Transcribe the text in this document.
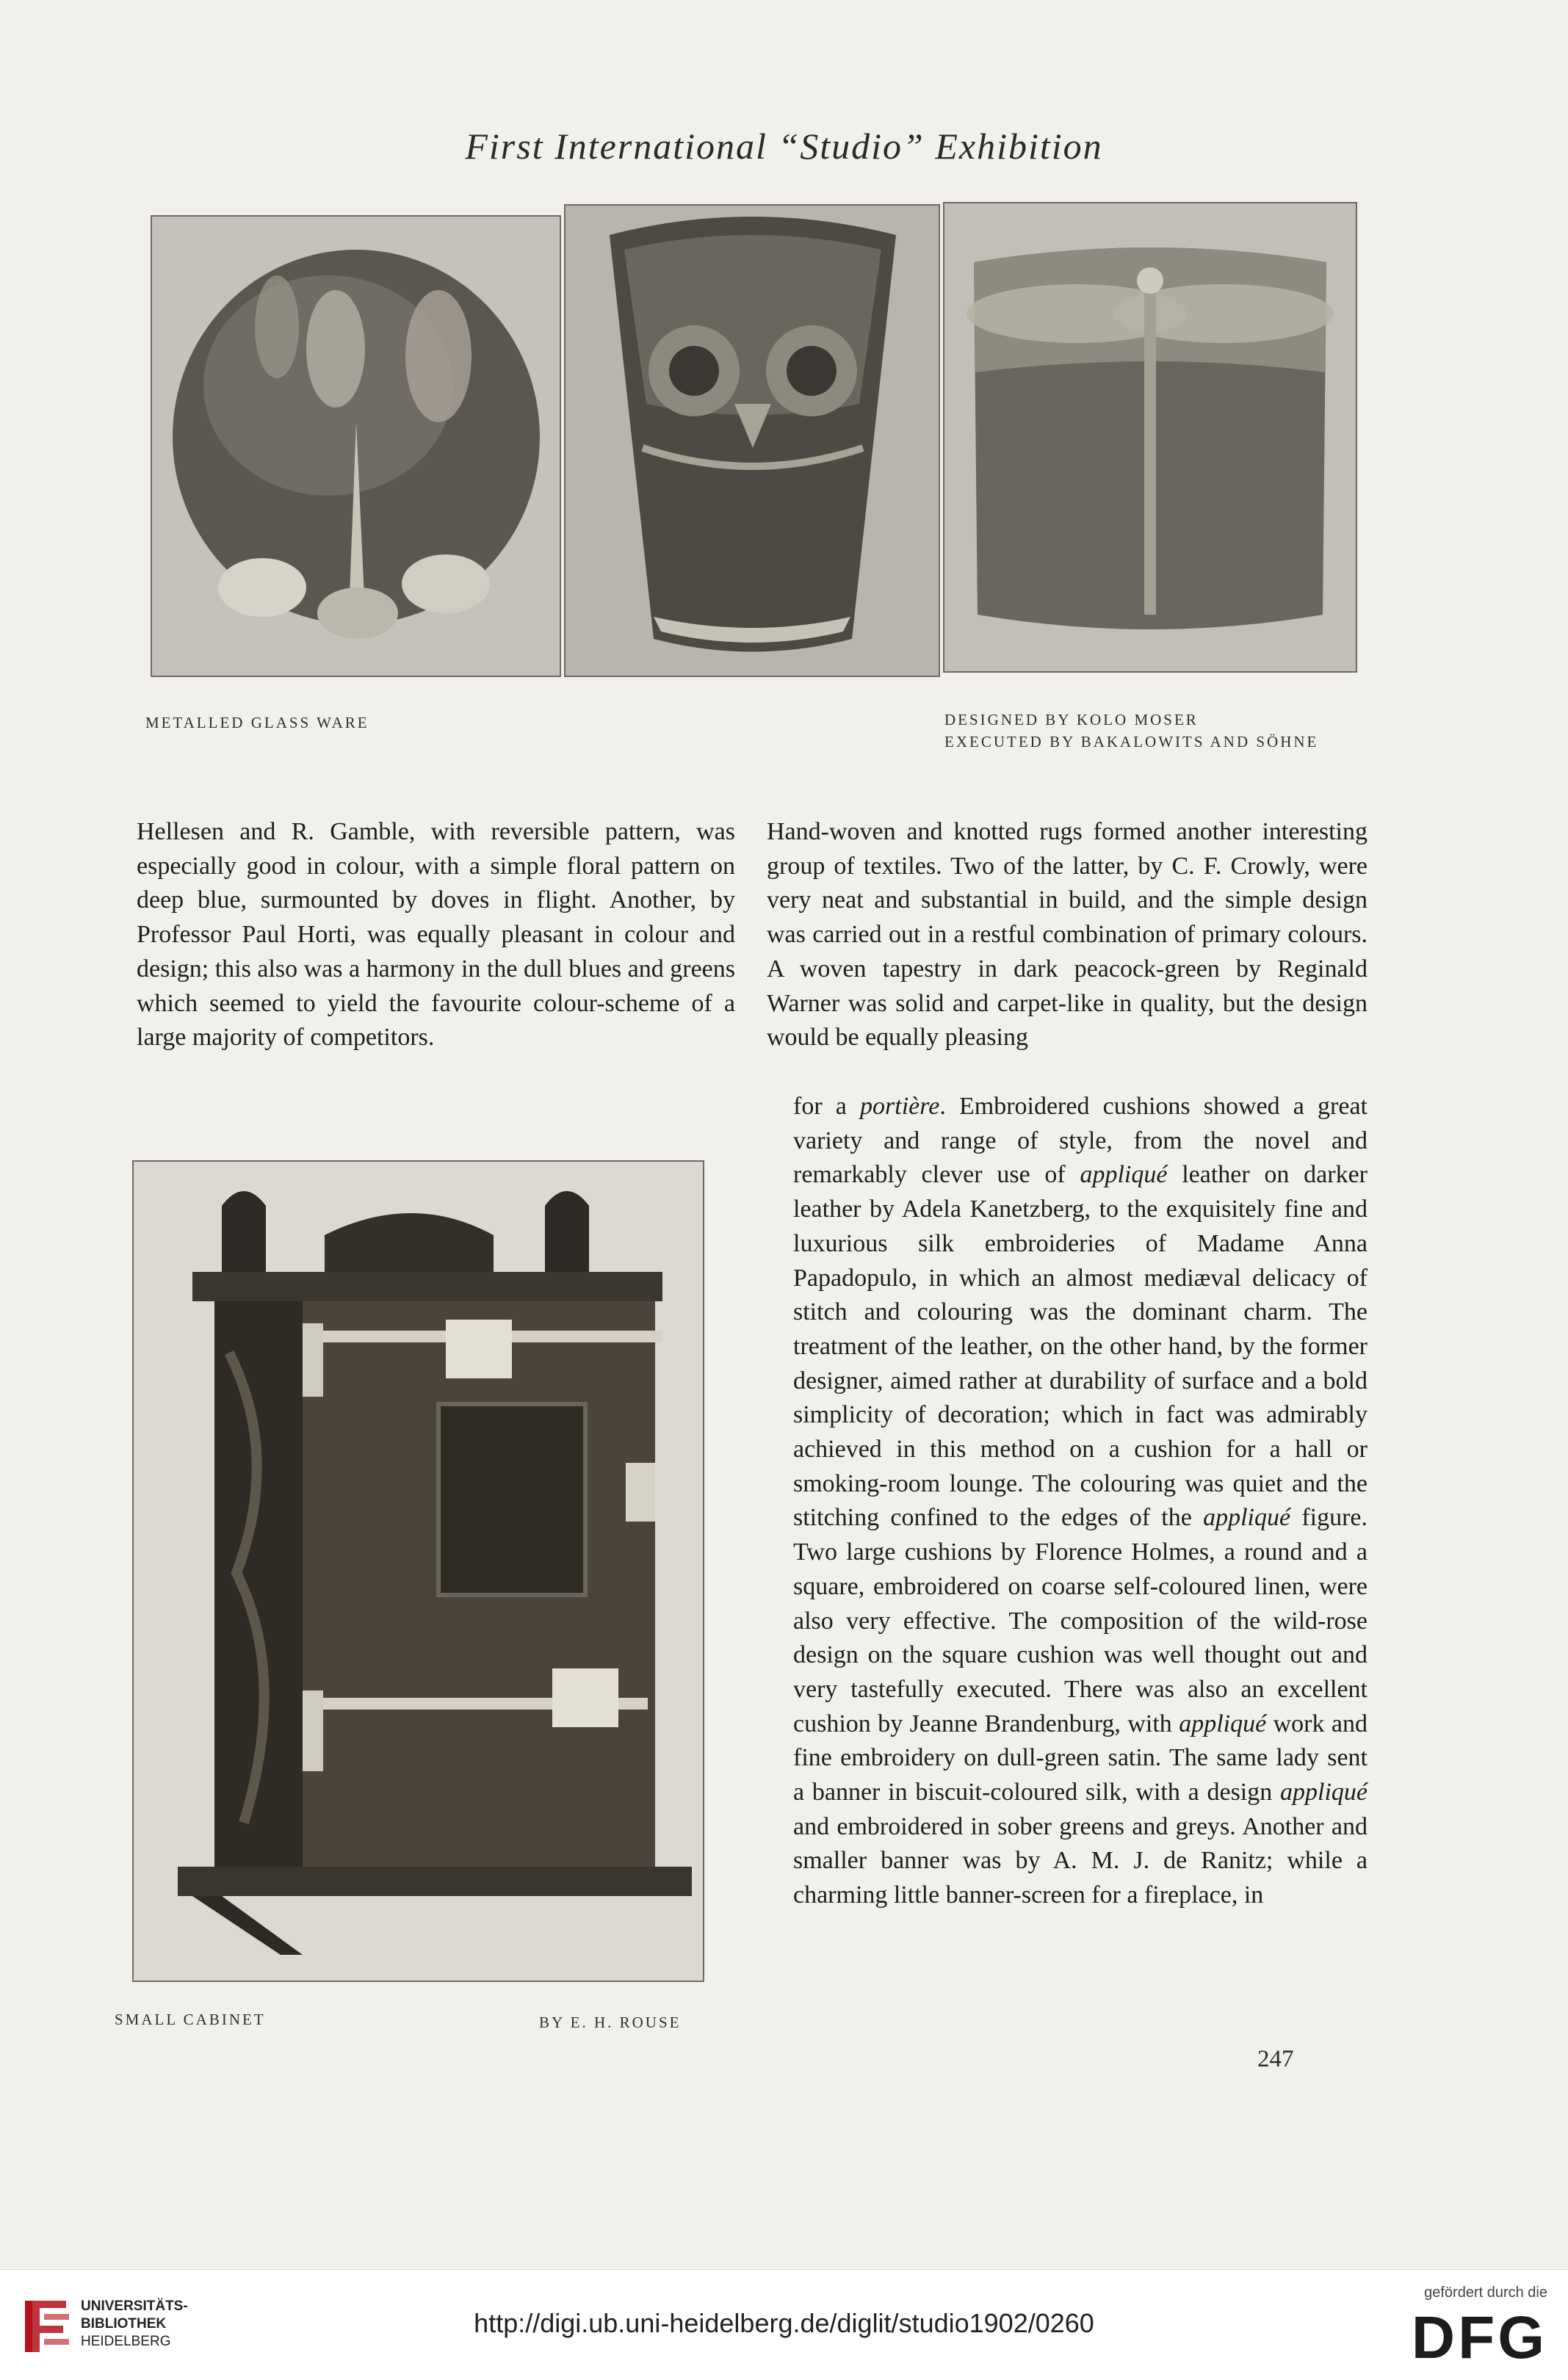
First International “Studio” Exhibition
METALLED GLASS WARE	DESIGNED BY KOLO MOSER
EXECUTED BY BAKALOWITS AND SÖHNE

Hellesen and R. Gamble, with reversible pattern, was especially good in colour, with a simple floral pattern on deep blue, surmounted by doves in flight. Another, by Professor Paul Horti, was equally pleasant in colour and design; this also was a harmony in the dull blues and greens which seemed to yield the favourite colour-scheme of a large majority of competitors.

SMALL CABINET	BY E. H. ROUSE

Hand-woven and knotted rugs formed another interesting group of textiles. Two of the latter, by C. F. Crowly, were very neat and substantial in build, and the simple design was carried out in a restful combination of primary colours. A woven tapestry in dark peacock-green by Reginald Warner was solid and carpet-like in quality, but the design would be equally pleasing

for a portière. Embroidered cushions showed a great variety and range of style, from the novel and remarkably clever use of appliqué leather on darker leather by Adela Kanetzberg, to the exquisitely fine and luxurious silk embroideries of Madame Anna Papadopulo, in which an almost mediæval delicacy of stitch and colouring was the dominant charm. The treatment of the leather, on the other hand, by the former designer, aimed rather at durability of surface and a bold simplicity of decoration; which in fact was admirably achieved in this method on a cushion for a hall or smoking-room lounge. The colouring was quiet and the stitching confined to the edges of the appliqué figure. Two large cushions by Florence Holmes, a round and a square, embroidered on coarse self-coloured linen, were also very effective. The composition of the wild-rose design on the square cushion was well thought out and very tastefully executed. There was also an excellent cushion by Jeanne Brandenburg, with appliqué work and fine embroidery on dull-green satin. The same lady sent a banner in biscuit-coloured silk, with a design appliqué and embroidered in sober greens and greys. Another and smaller banner was by A. M. J. de Ranitz; while a charming little banner-screen for a fireplace, in

247
UNIVERSITÄTS-
BIBLIOTHEK
HEIDELBERG
http://digi.ub.uni-heidelberg.de/diglit/studio1902/0260
gefördert durch die
DFG
